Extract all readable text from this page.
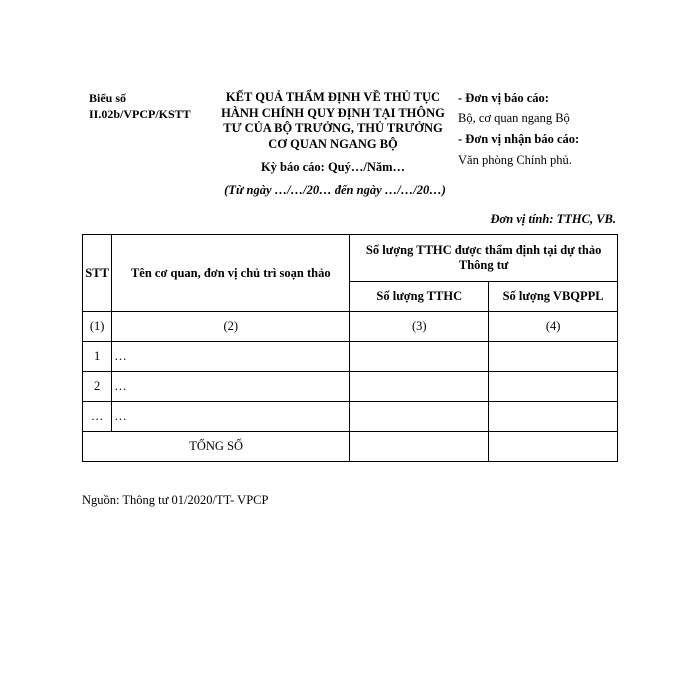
Biểu số
II.02b/VPCP/KSTT
KẾT QUẢ THẨM ĐỊNH VỀ THỦ TỤC
HÀNH CHÍNH QUY ĐỊNH TẠI THÔNG
TƯ CỦA BỘ TRƯỞNG, THỦ TRƯỞNG
CƠ QUAN NGANG BỘ
Kỳ báo cáo: Quý…/Năm…
(Từ ngày …/…/20… đến ngày …/…/20…)
- Đơn vị báo cáo:
Bộ, cơ quan ngang Bộ
- Đơn vị nhận báo cáo:
Văn phòng Chính phủ.
Đơn vị tính: TTHC, VB.
STT	Tên cơ quan, đơn vị chủ trì soạn thảo	Số lượng TTHC được thẩm định tại dự thảo Thông tư	
		Số lượng TTHC	Số lượng VBQPPL
(1)	(2)	(3)	(4)
1	…		
2	…		
…	…		
TỔNG SỐ			
Nguồn: Thông tư 01/2020/TT- VPCP
